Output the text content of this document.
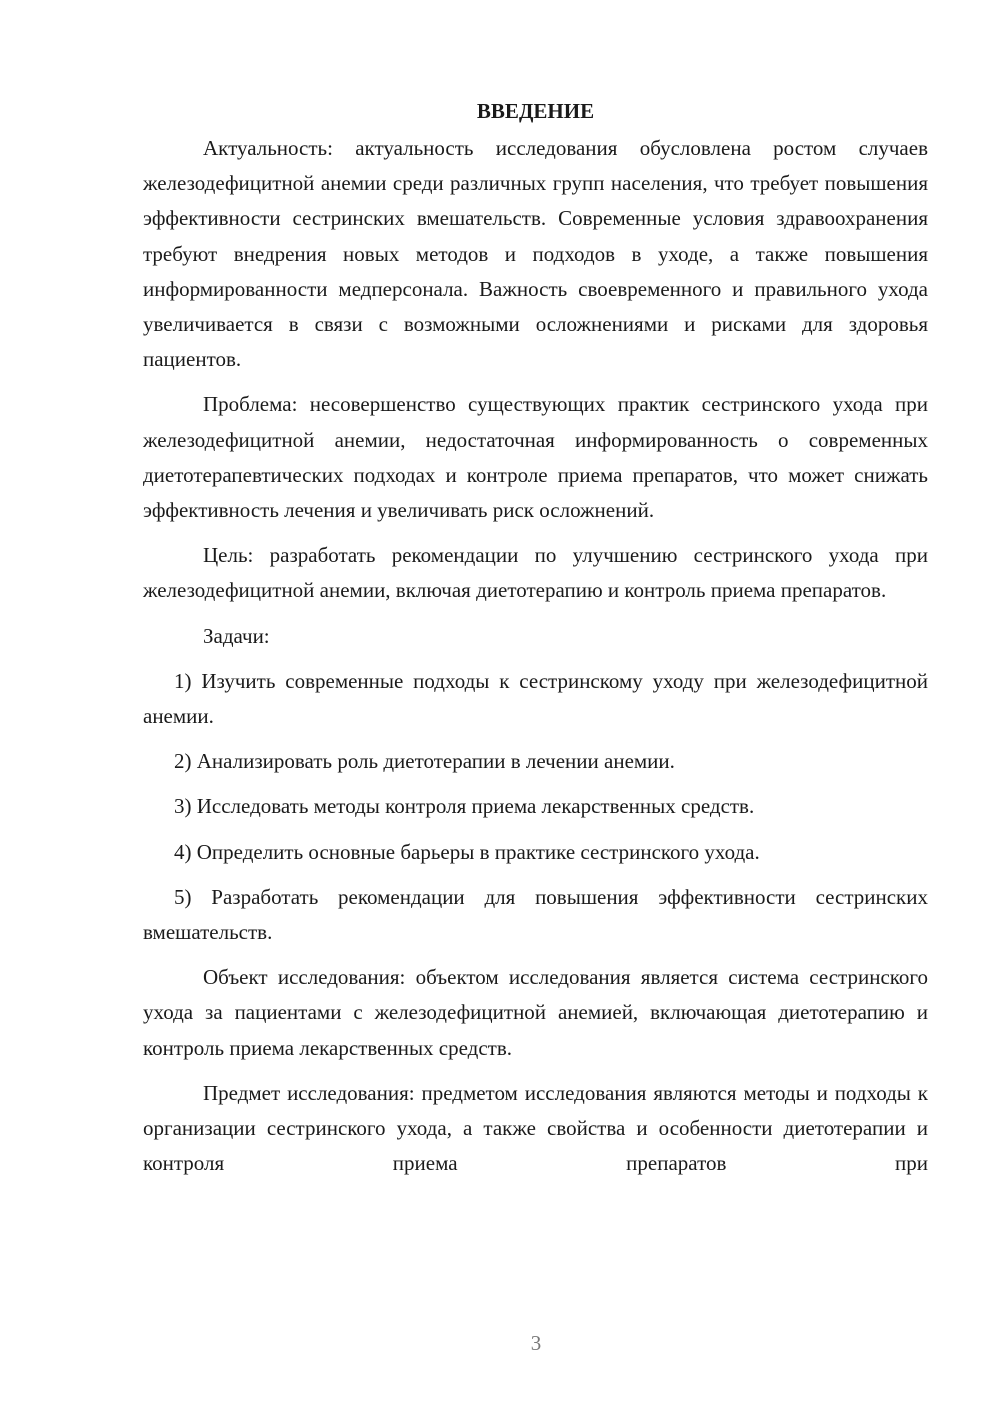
ВВЕДЕНИЕ

Актуальность: актуальность исследования обусловлена ростом случаев железодефицитной анемии среди различных групп населения, что требует повышения эффективности сестринских вмешательств. Современные условия здравоохранения требуют внедрения новых методов и подходов в уходе, а также повышения информированности медперсонала. Важность своевременного и правильного ухода увеличивается в связи с возможными осложнениями и рисками для здоровья пациентов.

Проблема: несовершенство существующих практик сестринского ухода при железодефицитной анемии, недостаточная информированность о современных диетотерапевтических подходах и контроле приема препаратов, что может снижать эффективность лечения и увеличивать риск осложнений.

Цель: разработать рекомендации по улучшению сестринского ухода при железодефицитной анемии, включая диетотерапию и контроль приема препаратов.

Задачи:

1) Изучить современные подходы к сестринскому уходу при железодефицитной анемии.

2) Анализировать роль диетотерапии в лечении анемии.

3) Исследовать методы контроля приема лекарственных средств.

4) Определить основные барьеры в практике сестринского ухода.

5) Разработать рекомендации для повышения эффективности сестринских вмешательств.

Объект исследования: объектом исследования является система сестринского ухода за пациентами с железодефицитной анемией, включающая диетотерапию и контроль приема лекарственных средств.

Предмет исследования: предметом исследования являются методы и подходы к организации сестринского ухода, а также свойства и особенности диетотерапии и контроля приема препаратов при

3
